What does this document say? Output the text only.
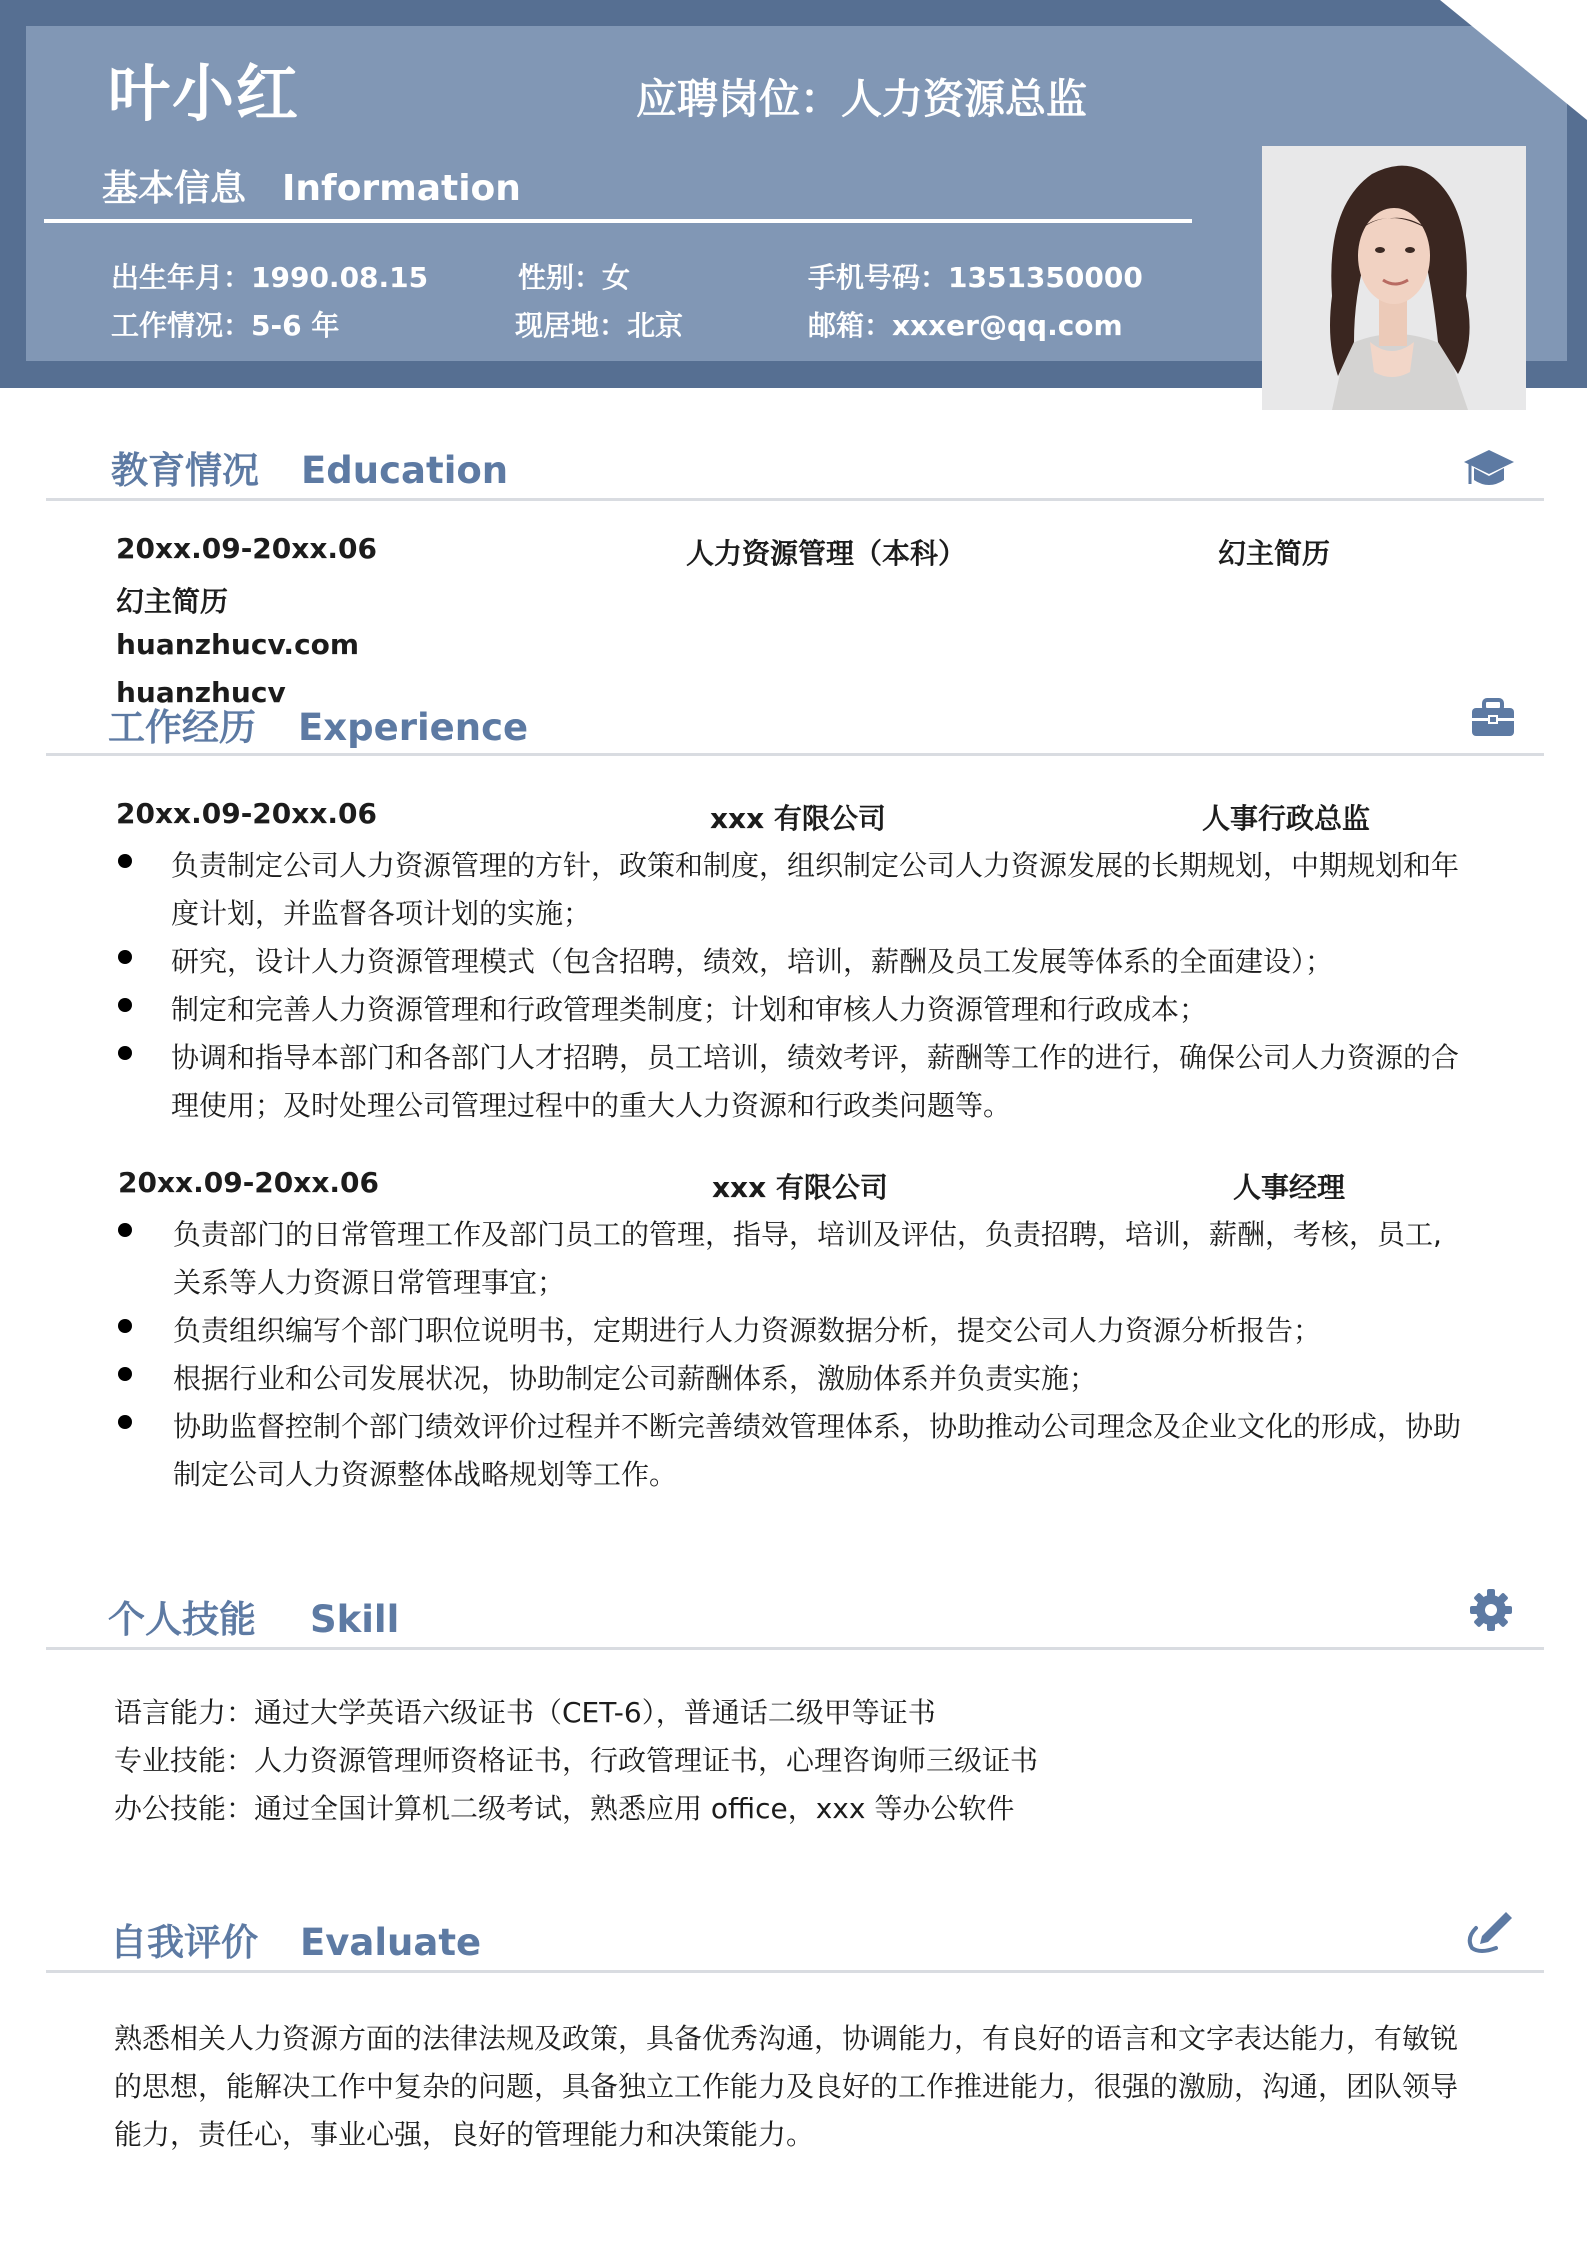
叶小红	应聘岗位：人力资源总监
基本信息 Information
出生年月：1990.08.15	性别：女	手机号码：1351350000
工作情况：5-6 年	现居地：北京	邮箱：xxxer@qq.com
教育情况 Education
20xx.09-20xx.06	人力资源管理（本科）	幻主简历
幻主简历
huanzhucv.com
huanzhucv
工作经历 Experience
20xx.09-20xx.06	xxx 有限公司	人事行政总监
负责制定公司人力资源管理的方针，政策和制度，组织制定公司人力资源发展的长期规划，中期规划和年
度计划，并监督各项计划的实施；
研究，设计人力资源管理模式（包含招聘，绩效，培训，薪酬及员工发展等体系的全面建设）；
制定和完善人力资源管理和行政管理类制度；计划和审核人力资源管理和行政成本；
协调和指导本部门和各部门人才招聘，员工培训，绩效考评，薪酬等工作的进行，确保公司人力资源的合
理使用；及时处理公司管理过程中的重大人力资源和行政类问题等。
20xx.09-20xx.06	xxx 有限公司	人事经理
负责部门的日常管理工作及部门员工的管理，指导，培训及评估，负责招聘，培训，薪酬，考核，员工,
关系等人力资源日常管理事宜；
负责组织编写个部门职位说明书，定期进行人力资源数据分析，提交公司人力资源分析报告；
根据行业和公司发展状况，协助制定公司薪酬体系，激励体系并负责实施；
协助监督控制个部门绩效评价过程并不断完善绩效管理体系，协助推动公司理念及企业文化的形成，协助
制定公司人力资源整体战略规划等工作。
个人技能 Skill
语言能力：通过大学英语六级证书（CET-6），普通话二级甲等证书
专业技能：人力资源管理师资格证书，行政管理证书，心理咨询师三级证书
办公技能：通过全国计算机二级考试，熟悉应用 office，xxx 等办公软件
自我评价 Evaluate
熟悉相关人力资源方面的法律法规及政策，具备优秀沟通，协调能力，有良好的语言和文字表达能力，有敏锐
的思想，能解决工作中复杂的问题，具备独立工作能力及良好的工作推进能力，很强的激励，沟通，团队领导
能力，责任心，事业心强，良好的管理能力和决策能力。
